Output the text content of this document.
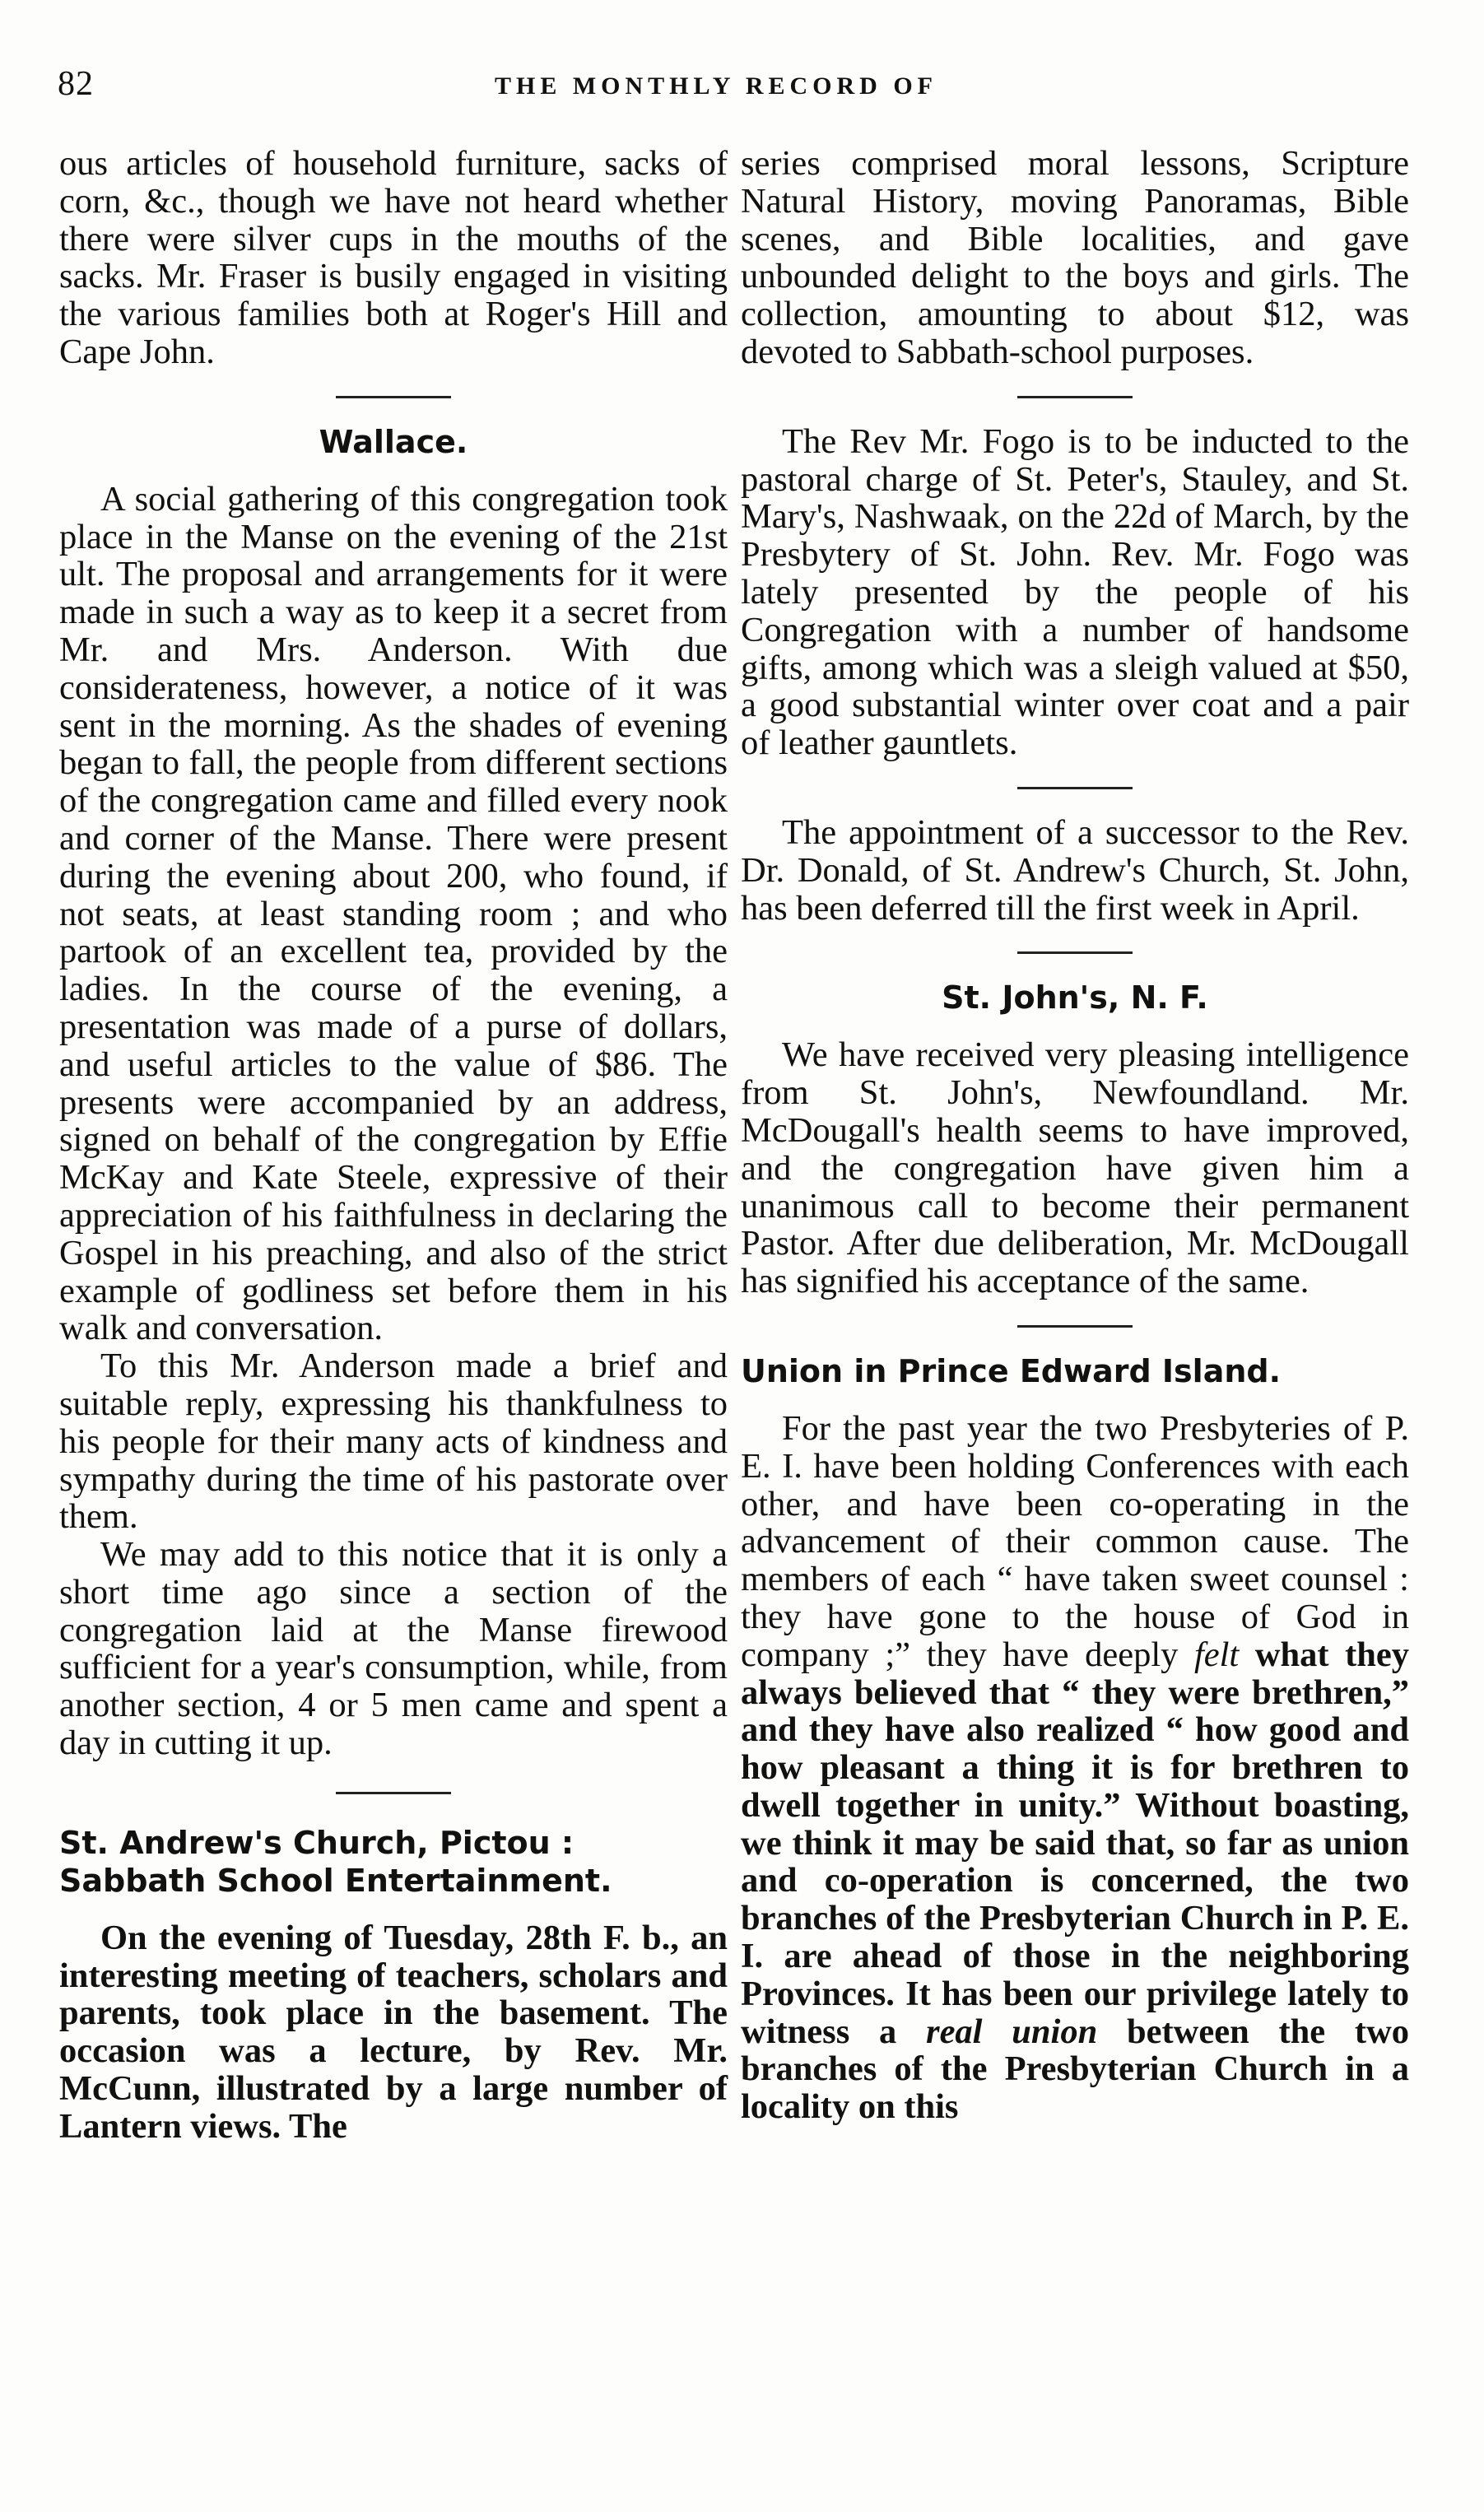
82	THE MONTHLY RECORD OF

ous articles of household furniture, sacks of corn, &c., though we have not heard whether there were silver cups in the mouths of the sacks. Mr. Fraser is busily engaged in visiting the various families both at Roger's Hill and Cape John.

Wallace.

A social gathering of this congregation took place in the Manse on the evening of the 21st ult. The proposal and arrangements for it were made in such a way as to keep it a secret from Mr. and Mrs. Anderson. With due considerateness, however, a notice of it was sent in the morning. As the shades of evening began to fall, the people from different sections of the congregation came and filled every nook and corner of the Manse. There were present during the evening about 200, who found, if not seats, at least standing room ; and who partook of an excellent tea, provided by the ladies. In the course of the evening, a presentation was made of a purse of dollars, and useful articles to the value of $86. The presents were accompanied by an address, signed on behalf of the congregation by Effie McKay and Kate Steele, expressive of their appreciation of his faithfulness in declaring the Gospel in his preaching, and also of the strict example of godliness set before them in his walk and conversation.

To this Mr. Anderson made a brief and suitable reply, expressing his thankfulness to his people for their many acts of kindness and sympathy during the time of his pastorate over them.

We may add to this notice that it is only a short time ago since a section of the congregation laid at the Manse firewood sufficient for a year's consumption, while, from another section, 4 or 5 men came and spent a day in cutting it up.

St. Andrew's Church, Pictou : Sabbath School Entertainment.

On the evening of Tuesday, 28th F. b., an interesting meeting of teachers, scholars and parents, took place in the basement. The occasion was a lecture, by Rev. Mr. McCunn, illustrated by a large number of Lantern views. The

series comprised moral lessons, Scripture Natural History, moving Panoramas, Bible scenes, and Bible localities, and gave unbounded delight to the boys and girls. The collection, amounting to about $12, was devoted to Sabbath-school purposes.

The Rev Mr. Fogo is to be inducted to the pastoral charge of St. Peter's, Stauley, and St. Mary's, Nashwaak, on the 22d of March, by the Presbytery of St. John. Rev. Mr. Fogo was lately presented by the people of his Congregation with a number of handsome gifts, among which was a sleigh valued at $50, a good substantial winter over coat and a pair of leather gauntlets.

The appointment of a successor to the Rev. Dr. Donald, of St. Andrew's Church, St. John, has been deferred till the first week in April.

St. John's, N. F.

We have received very pleasing intelligence from St. John's, Newfoundland. Mr. McDougall's health seems to have improved, and the congregation have given him a unanimous call to become their permanent Pastor. After due deliberation, Mr. McDougall has signified his acceptance of the same.

Union in Prince Edward Island.

For the past year the two Presbyteries of P. E. I. have been holding Conferences with each other, and have been co-operating in the advancement of their common cause. The members of each “ have taken sweet counsel : they have gone to the house of God in company ;” they have deeply felt what they always believed that “ they were brethren,” and they have also realized “ how good and how pleasant a thing it is for brethren to dwell together in unity.” Without boasting, we think it may be said that, so far as union and co-operation is concerned, the two branches of the Presbyterian Church in P. E. I. are ahead of those in the neighboring Provinces. It has been our privilege lately to witness a real union between the two branches of the Presbyterian Church in a locality on this
